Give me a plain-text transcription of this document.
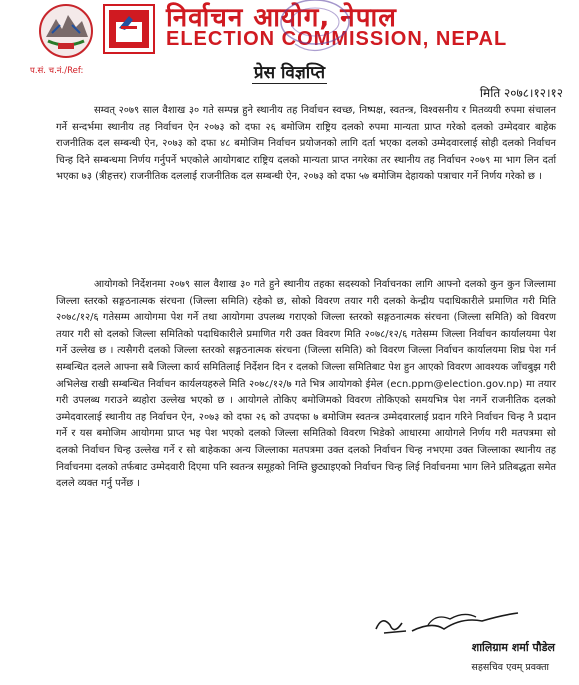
निर्वाचन आयोग, नेपाल
ELECTION COMMISSION, NEPAL
प.सं. च.नं./Ref:	प्रेस विज्ञप्ति
मिति २०७८।१२।१२
सम्वत् २०७९ साल वैशाख ३० गते सम्पन्न हुने स्थानीय तह निर्वाचन स्वच्छ, निष्पक्ष, स्वतन्त्र, विश्वसनीय र मितव्ययी रुपमा संचालन गर्ने सन्दर्भमा स्थानीय तह निर्वाचन ऐन २०७३ को दफा २६ बमोजिम राष्ट्रिय दलको रुपमा मान्यता प्राप्त गरेको दलको उम्मेदवार बाहेक राजनीतिक दल सम्बन्धी ऐन, २०७३ को दफा ४८ बमोजिम निर्वाचन प्रयोजनको लागि दर्ता भएका दलको उम्मेदवारलाई सोही दलको निर्वाचन चिन्ह दिने सम्बन्धमा निर्णय गर्नुपर्ने भएकोले आयोगबाट राष्ट्रिय दलको मान्यता प्राप्त नगरेका तर स्थानीय तह निर्वाचन २०७९ मा भाग लिन दर्ता भएका ७३ (त्रीहत्तर) राजनीतिक दललाई राजनीतिक दल सम्बन्धी ऐन, २०७३ को दफा ५७ बमोजिम देहायको पत्राचार गर्ने निर्णय गरेको छ ।
आयोगको निर्देशनमा २०७९ साल वैशाख ३० गते हुने स्थानीय तहका सदस्यको निर्वाचनका लागि आफ्नो दलको कुन कुन जिल्लामा जिल्ला स्तरको सङ्गठनात्मक संरचना (जिल्ला समिति) रहेको छ, सोको विवरण तयार गरी दलको केन्द्रीय पदाधिकारीले प्रमाणित गरी मिति २०७८/१२/६ गतेसम्म आयोगमा पेश गर्ने तथा आयोगमा उपलब्ध गराएको जिल्ला स्तरको सङ्गठनात्मक संरचना (जिल्ला समिति) को विवरण तयार गरी सो दलको जिल्ला समितिको पदाधिकारीले प्रमाणित गरी उक्त विवरण मिति २०७८/१२/६ गतेसम्म जिल्ला निर्वाचन कार्यालयमा पेश गर्ने उल्लेख छ । त्यसैगरी दलको जिल्ला स्तरको सङ्गठनात्मक संरचना (जिल्ला समिति) को विवरण जिल्ला निर्वाचन कार्यालयमा शिघ्र पेश गर्न सम्बन्धित दलले आफ्ना सबै जिल्ला कार्य समितिलाई निर्देशन दिन र दलको जिल्ला समितिबाट पेश हुन आएको विवरण आवश्यक जाँचबुझ गरी अभिलेख राखी सम्बन्धित निर्वाचन कार्यलयहरुले मिति २०७८/१२/७ गते भित्र आयोगको ईमेल (ecn.ppm@election.gov.np) मा तयार गरी उपलब्ध गराउने ब्यहोरा उल्लेख भएको छ । आयोगले तोकिए बमोजिमको विवरण तोकिएको समयभित्र पेश नगर्ने राजनीतिक दलको उम्मेदवारलाई स्थानीय तह निर्वाचन ऐन, २०७३ को दफा २६ को उपदफा ७ बमोजिम स्वतन्त्र उम्मेदवारलाई प्रदान गरिने निर्वाचन चिन्ह नै प्रदान गर्ने र यस बमोजिम आयोगमा प्राप्त भइ पेश भएको दलको जिल्ला समितिको विवरण भिडेको आधारमा आयोगले निर्णय गरी मतपत्रमा सो दलको निर्वाचन चिन्ह उल्लेख गर्ने र सो बाहेकका अन्य जिल्लाका मतपत्रमा उक्त दलको निर्वाचन चिन्ह नभएमा उक्त जिल्लाका स्थानीय तह निर्वाचनमा दलको तर्फबाट उम्मेदवारी दिएमा पनि स्वतन्त्र समूहको निम्ति छुट्याइएको निर्वाचन चिन्ह लिई निर्वाचनमा भाग लिने प्रतिबद्धता समेत दलले व्यक्त गर्नु पर्नेछ ।
शालिग्राम शर्मा पौडेल
सहसचिव एवम् प्रवक्ता
